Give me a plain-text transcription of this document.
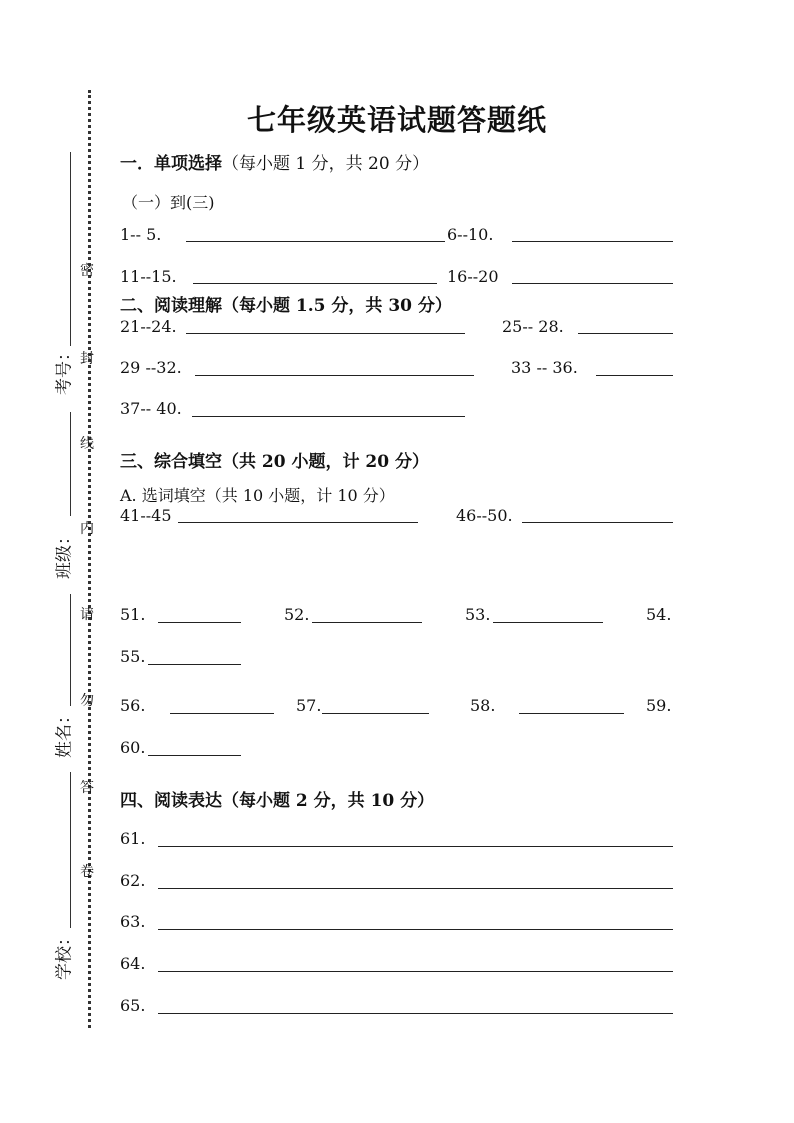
考号：
班级：
姓名：
学校：
密
封
线
内
请
勿
答
卷
七年级英语试题答题纸
一．单项选择（每小题 1 分，共 20 分）
（一）到(三)
1-- 5.	6--10.
11--15.	16--20
二、阅读理解（每小题 1.5 分，共 30 分）
21--24.	25-- 28.
29 --32.	33 -- 36.
37-- 40.
三、综合填空（共 20 小题，计 20 分）
A. 选词填空（共 10 小题，计 10 分）
41--45	46--50.
51.	52.	53.	54.
55.
56.	57.	58.	59.
60.
四、阅读表达（每小题 2 分，共 10 分）
61.
62.
63.
64.
65.
